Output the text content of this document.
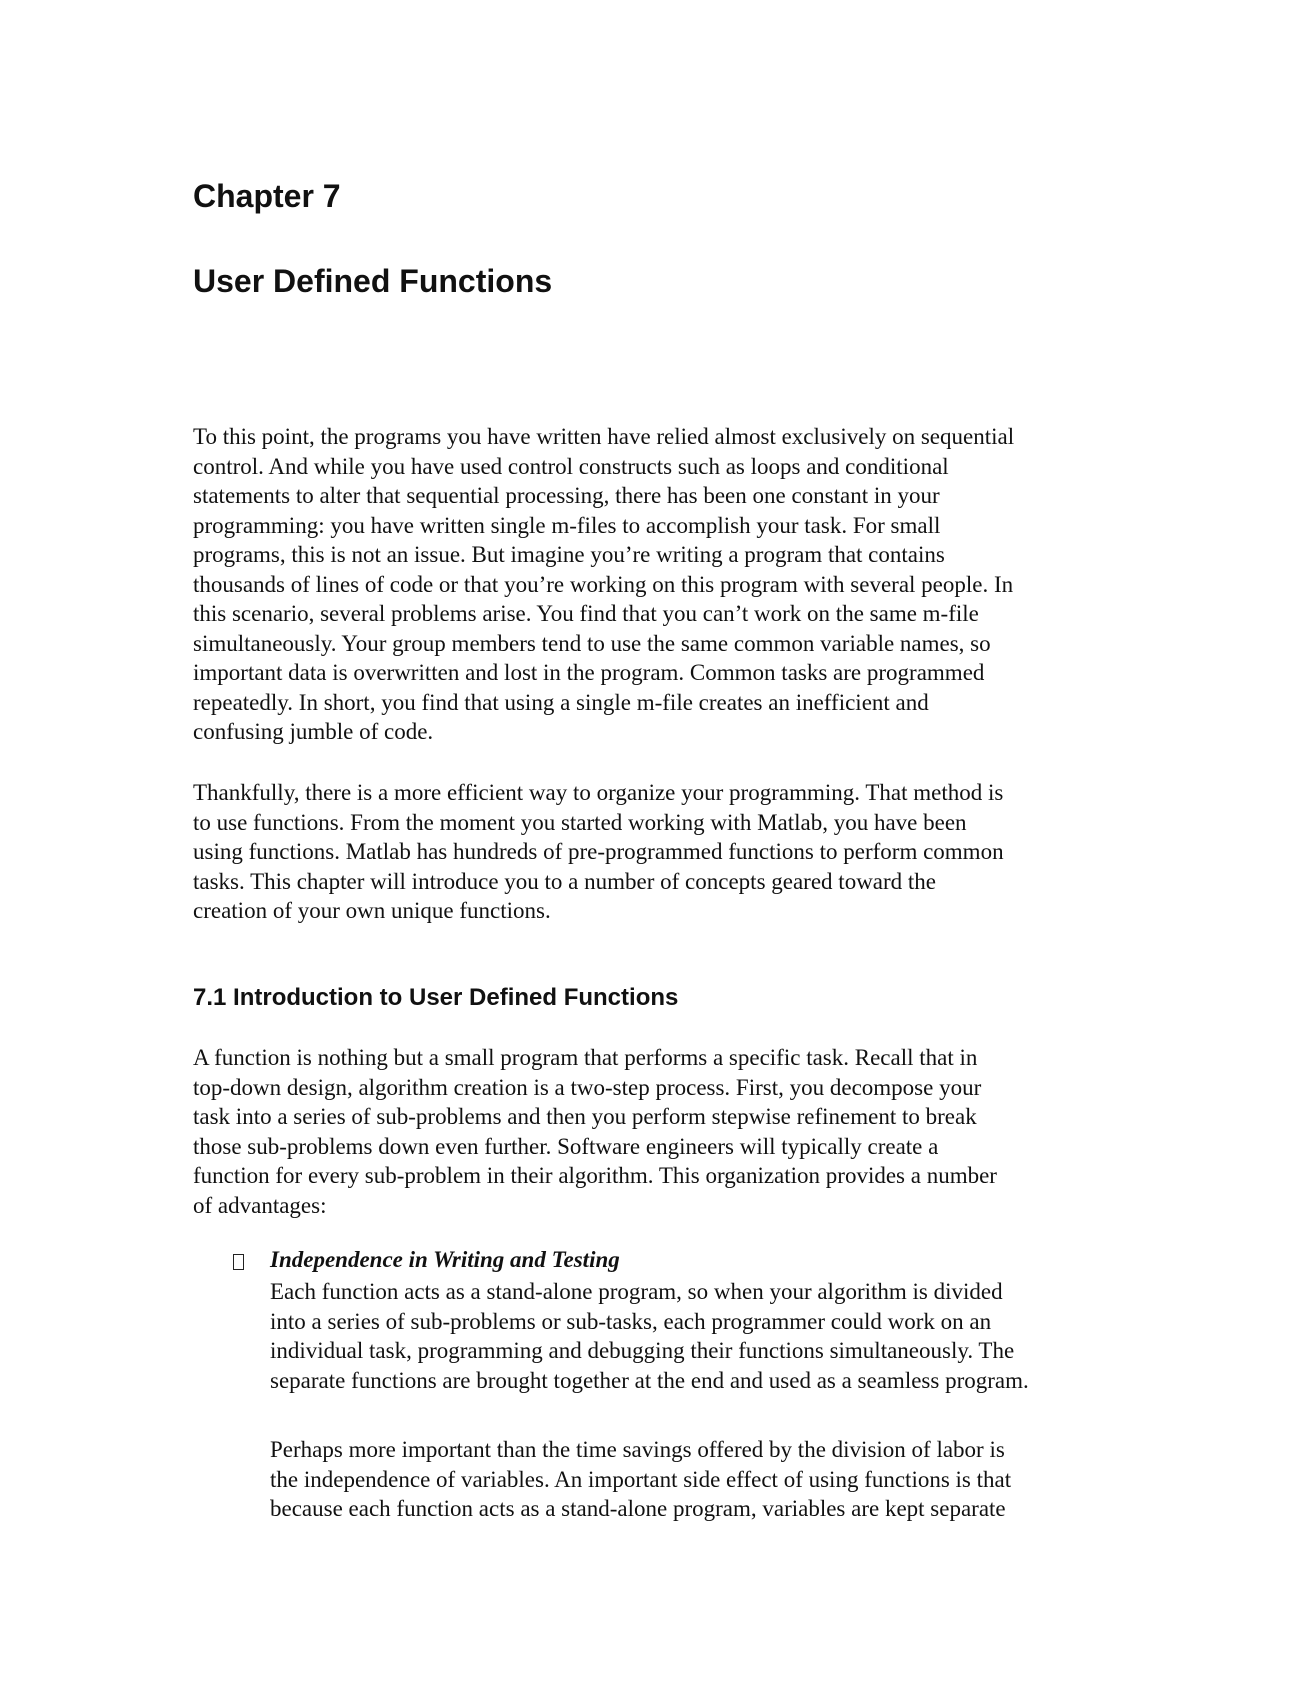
Chapter 7
User Defined Functions

To this point, the programs you have written have relied almost exclusively on sequential
control. And while you have used control constructs such as loops and conditional
statements to alter that sequential processing, there has been one constant in your
programming: you have written single m-files to accomplish your task. For small
programs, this is not an issue. But imagine you’re writing a program that contains
thousands of lines of code or that you’re working on this program with several people. In
this scenario, several problems arise. You find that you can’t work on the same m-file
simultaneously. Your group members tend to use the same common variable names, so
important data is overwritten and lost in the program. Common tasks are programmed
repeatedly. In short, you find that using a single m-file creates an inefficient and
confusing jumble of code.

Thankfully, there is a more efficient way to organize your programming. That method is
to use functions. From the moment you started working with Matlab, you have been
using functions. Matlab has hundreds of pre-programmed functions to perform common
tasks. This chapter will introduce you to a number of concepts geared toward the
creation of your own unique functions.

7.1 Introduction to User Defined Functions

A function is nothing but a small program that performs a specific task. Recall that in
top-down design, algorithm creation is a two-step process. First, you decompose your
task into a series of sub-problems and then you perform stepwise refinement to break
those sub-problems down even further. Software engineers will typically create a
function for every sub-problem in their algorithm. This organization provides a number
of advantages:

Independence in Writing and Testing

Each function acts as a stand-alone program, so when your algorithm is divided
into a series of sub-problems or sub-tasks, each programmer could work on an
individual task, programming and debugging their functions simultaneously. The
separate functions are brought together at the end and used as a seamless program.

Perhaps more important than the time savings offered by the division of labor is
the independence of variables. An important side effect of using functions is that
because each function acts as a stand-alone program, variables are kept separate
